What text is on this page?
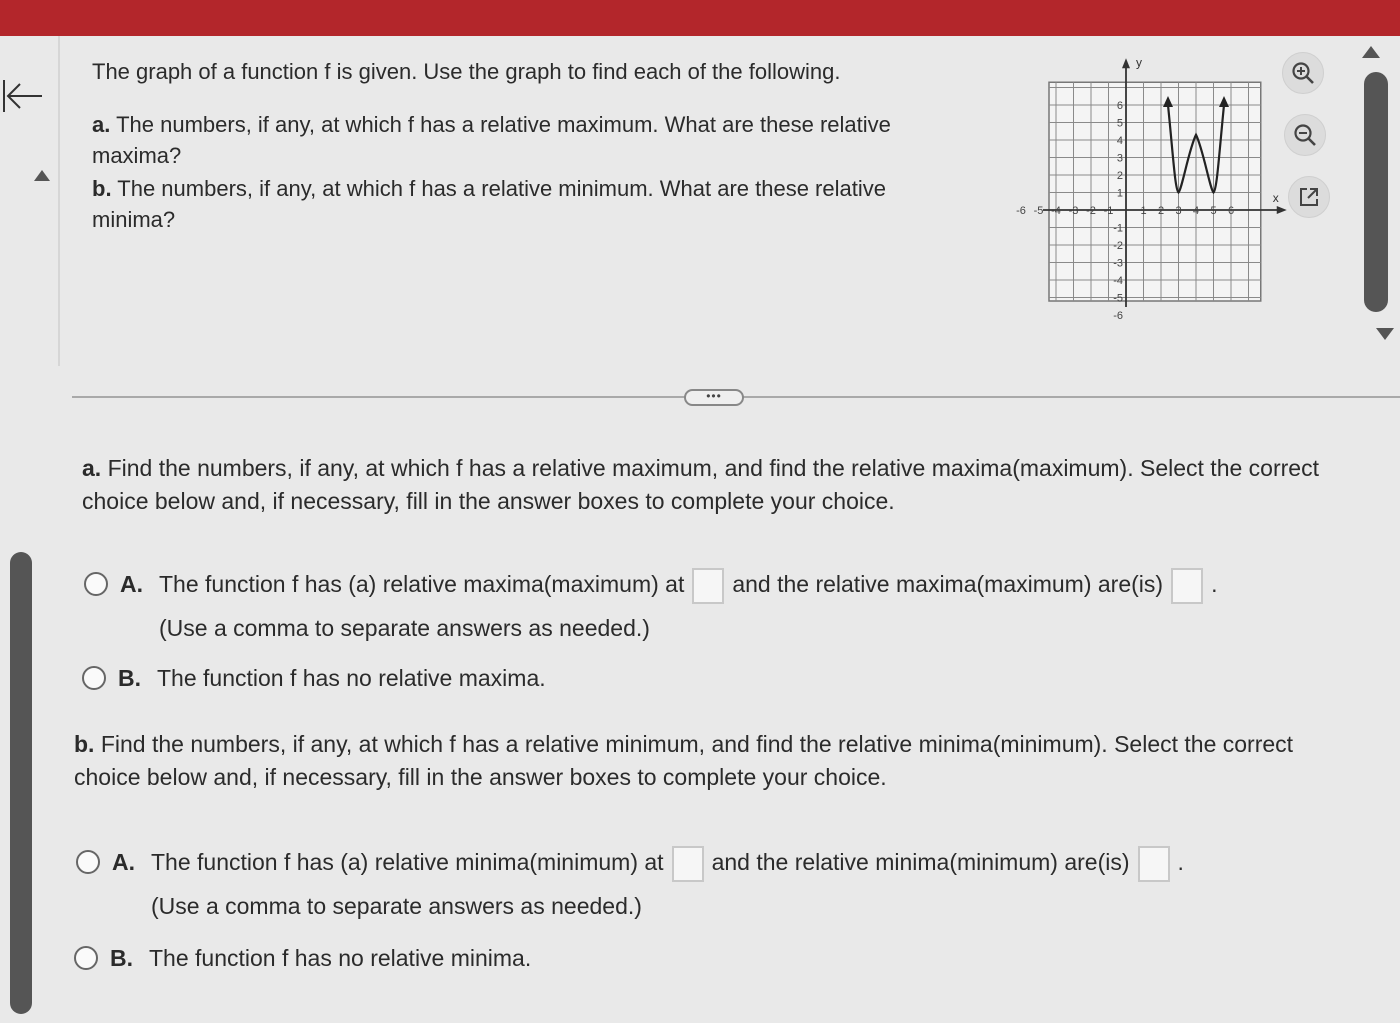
The graph of a function f is given. Use the graph to find each of the following.

a. The numbers, if any, at which f has a relative maximum. What are these relative maxima?

b. The numbers, if any, at which f has a relative minimum. What are these relative minima?

x
y
-6 -5 -4 -3 -2 -1 1 2 3 4 5 6
6
5
4
3
2
1
-1
-2
-3
-4
-5
-6
•••
a. Find the numbers, if any, at which f has a relative maximum, and find the relative maxima(maximum). Select the correct choice below and, if necessary, fill in the answer boxes to complete your choice.
A. The function f has (a) relative maxima(maximum) at and the relative maxima(maximum) are(is) .
(Use a comma to separate answers as needed.)
B. The function f has no relative maxima.
b. Find the numbers, if any, at which f has a relative minimum, and find the relative minima(minimum). Select the correct choice below and, if necessary, fill in the answer boxes to complete your choice.
A. The function f has (a) relative minima(minimum) at and the relative minima(minimum) are(is) .
(Use a comma to separate answers as needed.)
B. The function f has no relative minima.
